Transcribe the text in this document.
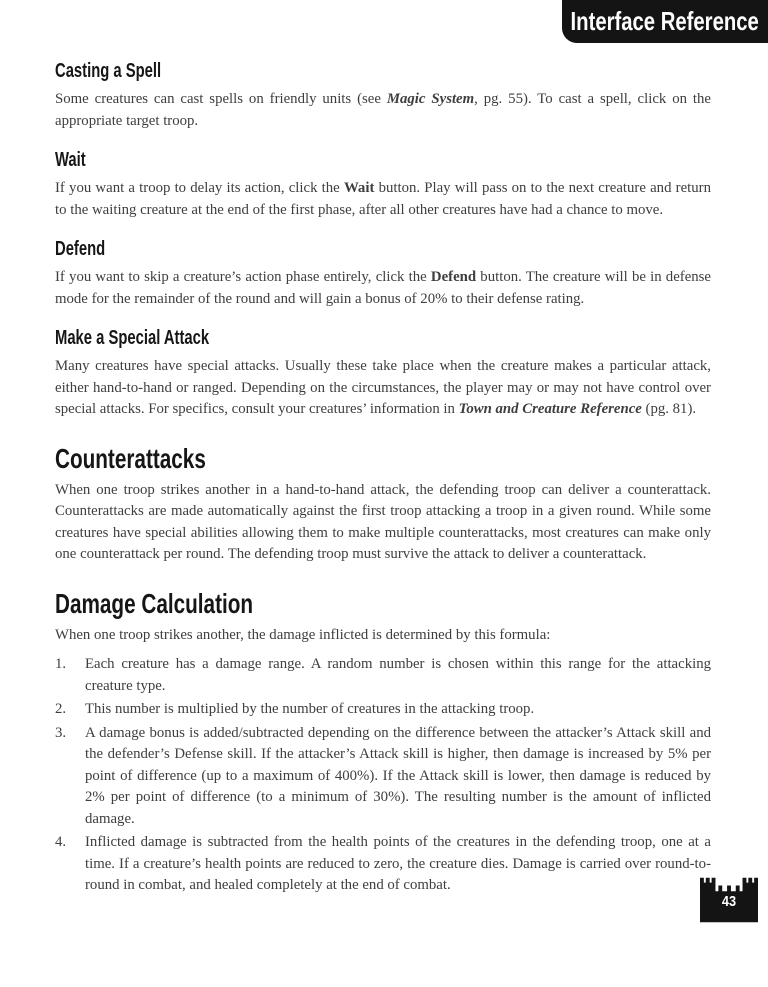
Interface Reference
Casting a Spell

Some creatures can cast spells on friendly units (see Magic System, pg. 55). To cast a spell, click on the appropriate target troop.

Wait

If you want a troop to delay its action, click the Wait button. Play will pass on to the next creature and return to the waiting creature at the end of the first phase, after all other creatures have had a chance to move.

Defend

If you want to skip a creature’s action phase entirely, click the Defend button. The creature will be in defense mode for the remainder of the round and will gain a bonus of 20% to their defense rating.

Make a Special Attack

Many creatures have special attacks. Usually these take place when the creature makes a particular attack, either hand-to-hand or ranged. Depending on the circumstances, the player may or may not have control over special attacks. For specifics, consult your creatures’ information in Town and Creature Reference (pg. 81).

Counterattacks

When one troop strikes another in a hand-to-hand attack, the defending troop can deliver a counterattack. Counterattacks are made automatically against the first troop attacking a troop in a given round. While some creatures have special abilities allowing them to make multiple counterattacks, most creatures can make only one counterattack per round. The defending troop must survive the attack to deliver a counterattack.

Damage Calculation

When one troop strikes another, the damage inflicted is determined by this formula:

1.	Each creature has a damage range. A random number is chosen within this range for the attacking creature type.
2.	This number is multiplied by the number of creatures in the attacking troop.
3.	A damage bonus is added/subtracted depending on the difference between the attacker’s Attack skill and the defender’s Defense skill. If the attacker’s Attack skill is higher, then damage is increased by 5% per point of difference (up to a maximum of 400%). If the Attack skill is lower, then damage is reduced by 2% per point of difference (to a minimum of 30%). The resulting number is the amount of inflicted damage.
4.	Inflicted damage is subtracted from the health points of the creatures in the defending troop, one at a time. If a creature’s health points are reduced to zero, the creature dies. Damage is carried over round-to-round in combat, and healed completely at the end of combat.
43
